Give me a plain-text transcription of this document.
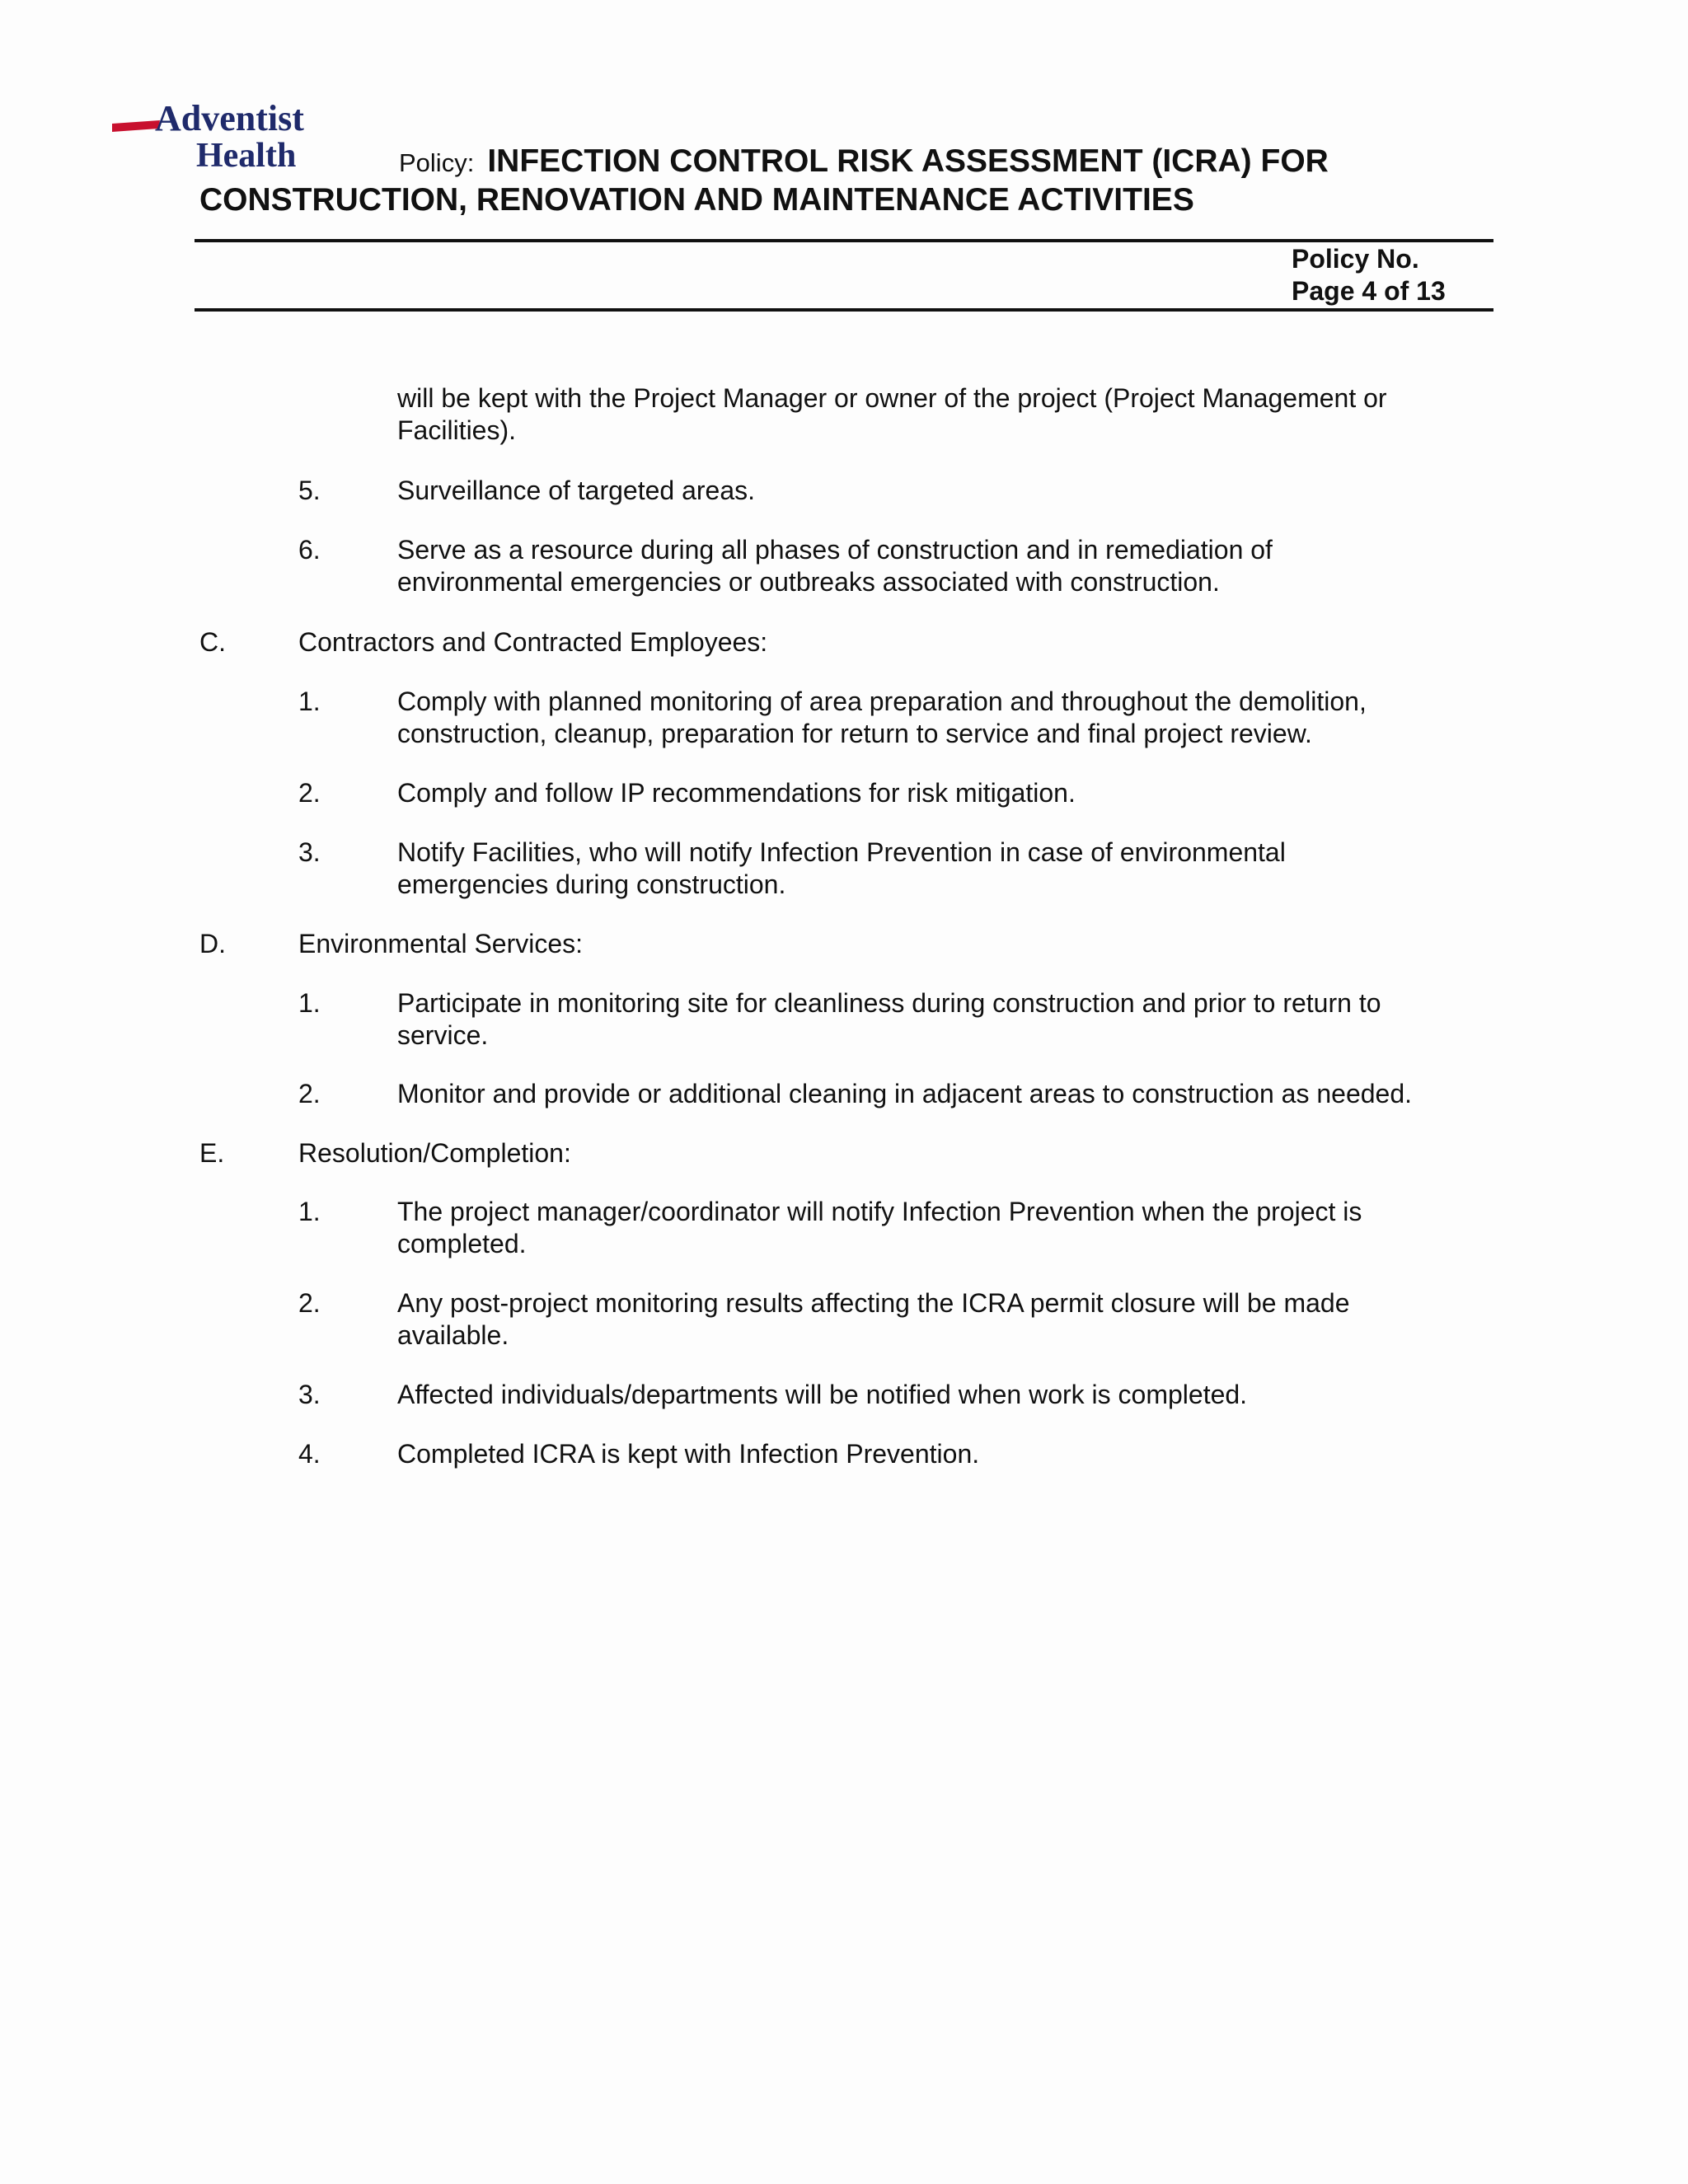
Adventist
Health	Policy: INFECTION CONTROL RISK ASSESSMENT (ICRA) FOR
CONSTRUCTION, RENOVATION AND MAINTENANCE ACTIVITIES
Policy No.
Page 4 of 13
will be kept with the Project Manager or owner of the project (Project Management or
Facilities).
5.	Surveillance of targeted areas.
6.	Serve as a resource during all phases of construction and in remediation of
environmental emergencies or outbreaks associated with construction.
C.	Contractors and Contracted Employees:
1.	Comply with planned monitoring of area preparation and throughout the demolition,
construction, cleanup, preparation for return to service and final project review.
2.	Comply and follow IP recommendations for risk mitigation.
3.	Notify Facilities, who will notify Infection Prevention in case of environmental
emergencies during construction.
D.	Environmental Services:
1.	Participate in monitoring site for cleanliness during construction and prior to return to
service.
2.	Monitor and provide or additional cleaning in adjacent areas to construction as needed.
E.	Resolution/Completion:
1.	The project manager/coordinator will notify Infection Prevention when the project is
completed.
2.	Any post-project monitoring results affecting the ICRA permit closure will be made
available.
3.	Affected individuals/departments will be notified when work is completed.
4.	Completed ICRA is kept with Infection Prevention.
